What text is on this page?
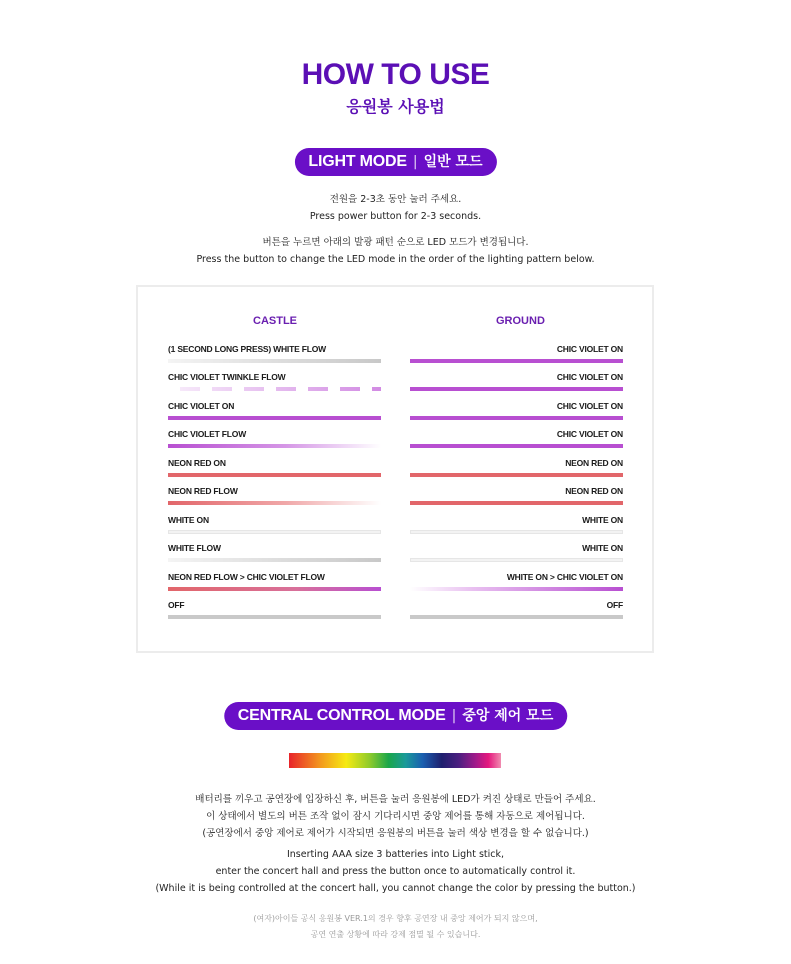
HOW TO USE
응원봉 사용법
LIGHT MODE | 일반 모드
전원을 2-3초 동안 눌러 주세요.
Press power button for 2-3 seconds.
버튼을 누르면 아래의 발광 패턴 순으로 LED 모드가 변경됩니다.
Press the button to change the LED mode in the order of the lighting pattern below.
CASTLE	GROUND
(1 SECOND LONG PRESS) WHITE FLOW
CHIC VIOLET TWINKLE FLOW
CHIC VIOLET ON
CHIC VIOLET FLOW
NEON RED ON
NEON RED FLOW
WHITE ON
WHITE FLOW
NEON RED FLOW > CHIC VIOLET FLOW
OFF
CHIC VIOLET ON
CHIC VIOLET ON
CHIC VIOLET ON
CHIC VIOLET ON
NEON RED ON
NEON RED ON
WHITE ON
WHITE ON
WHITE ON > CHIC VIOLET ON
OFF
CENTRAL CONTROL MODE | 중앙 제어 모드
배터리를 끼우고 공연장에 입장하신 후, 버튼을 눌러 응원봉에 LED가 켜진 상태로 만들어 주세요.
이 상태에서 별도의 버튼 조작 없이 잠시 기다리시면 중앙 제어를 통해 자동으로 제어됩니다.
(공연장에서 중앙 제어로 제어가 시작되면 응원봉의 버튼을 눌러 색상 변경을 할 수 없습니다.)
Inserting AAA size 3 batteries into Light stick,
enter the concert hall and press the button once to automatically control it.
(While it is being controlled at the concert hall, you cannot change the color by pressing the button.)
(여자)아이들 공식 응원봉 VER.1의 경우 향후 공연장 내 중앙 제어가 되지 않으며,
공연 연출 상황에 따라 강제 점멸 될 수 있습니다.
